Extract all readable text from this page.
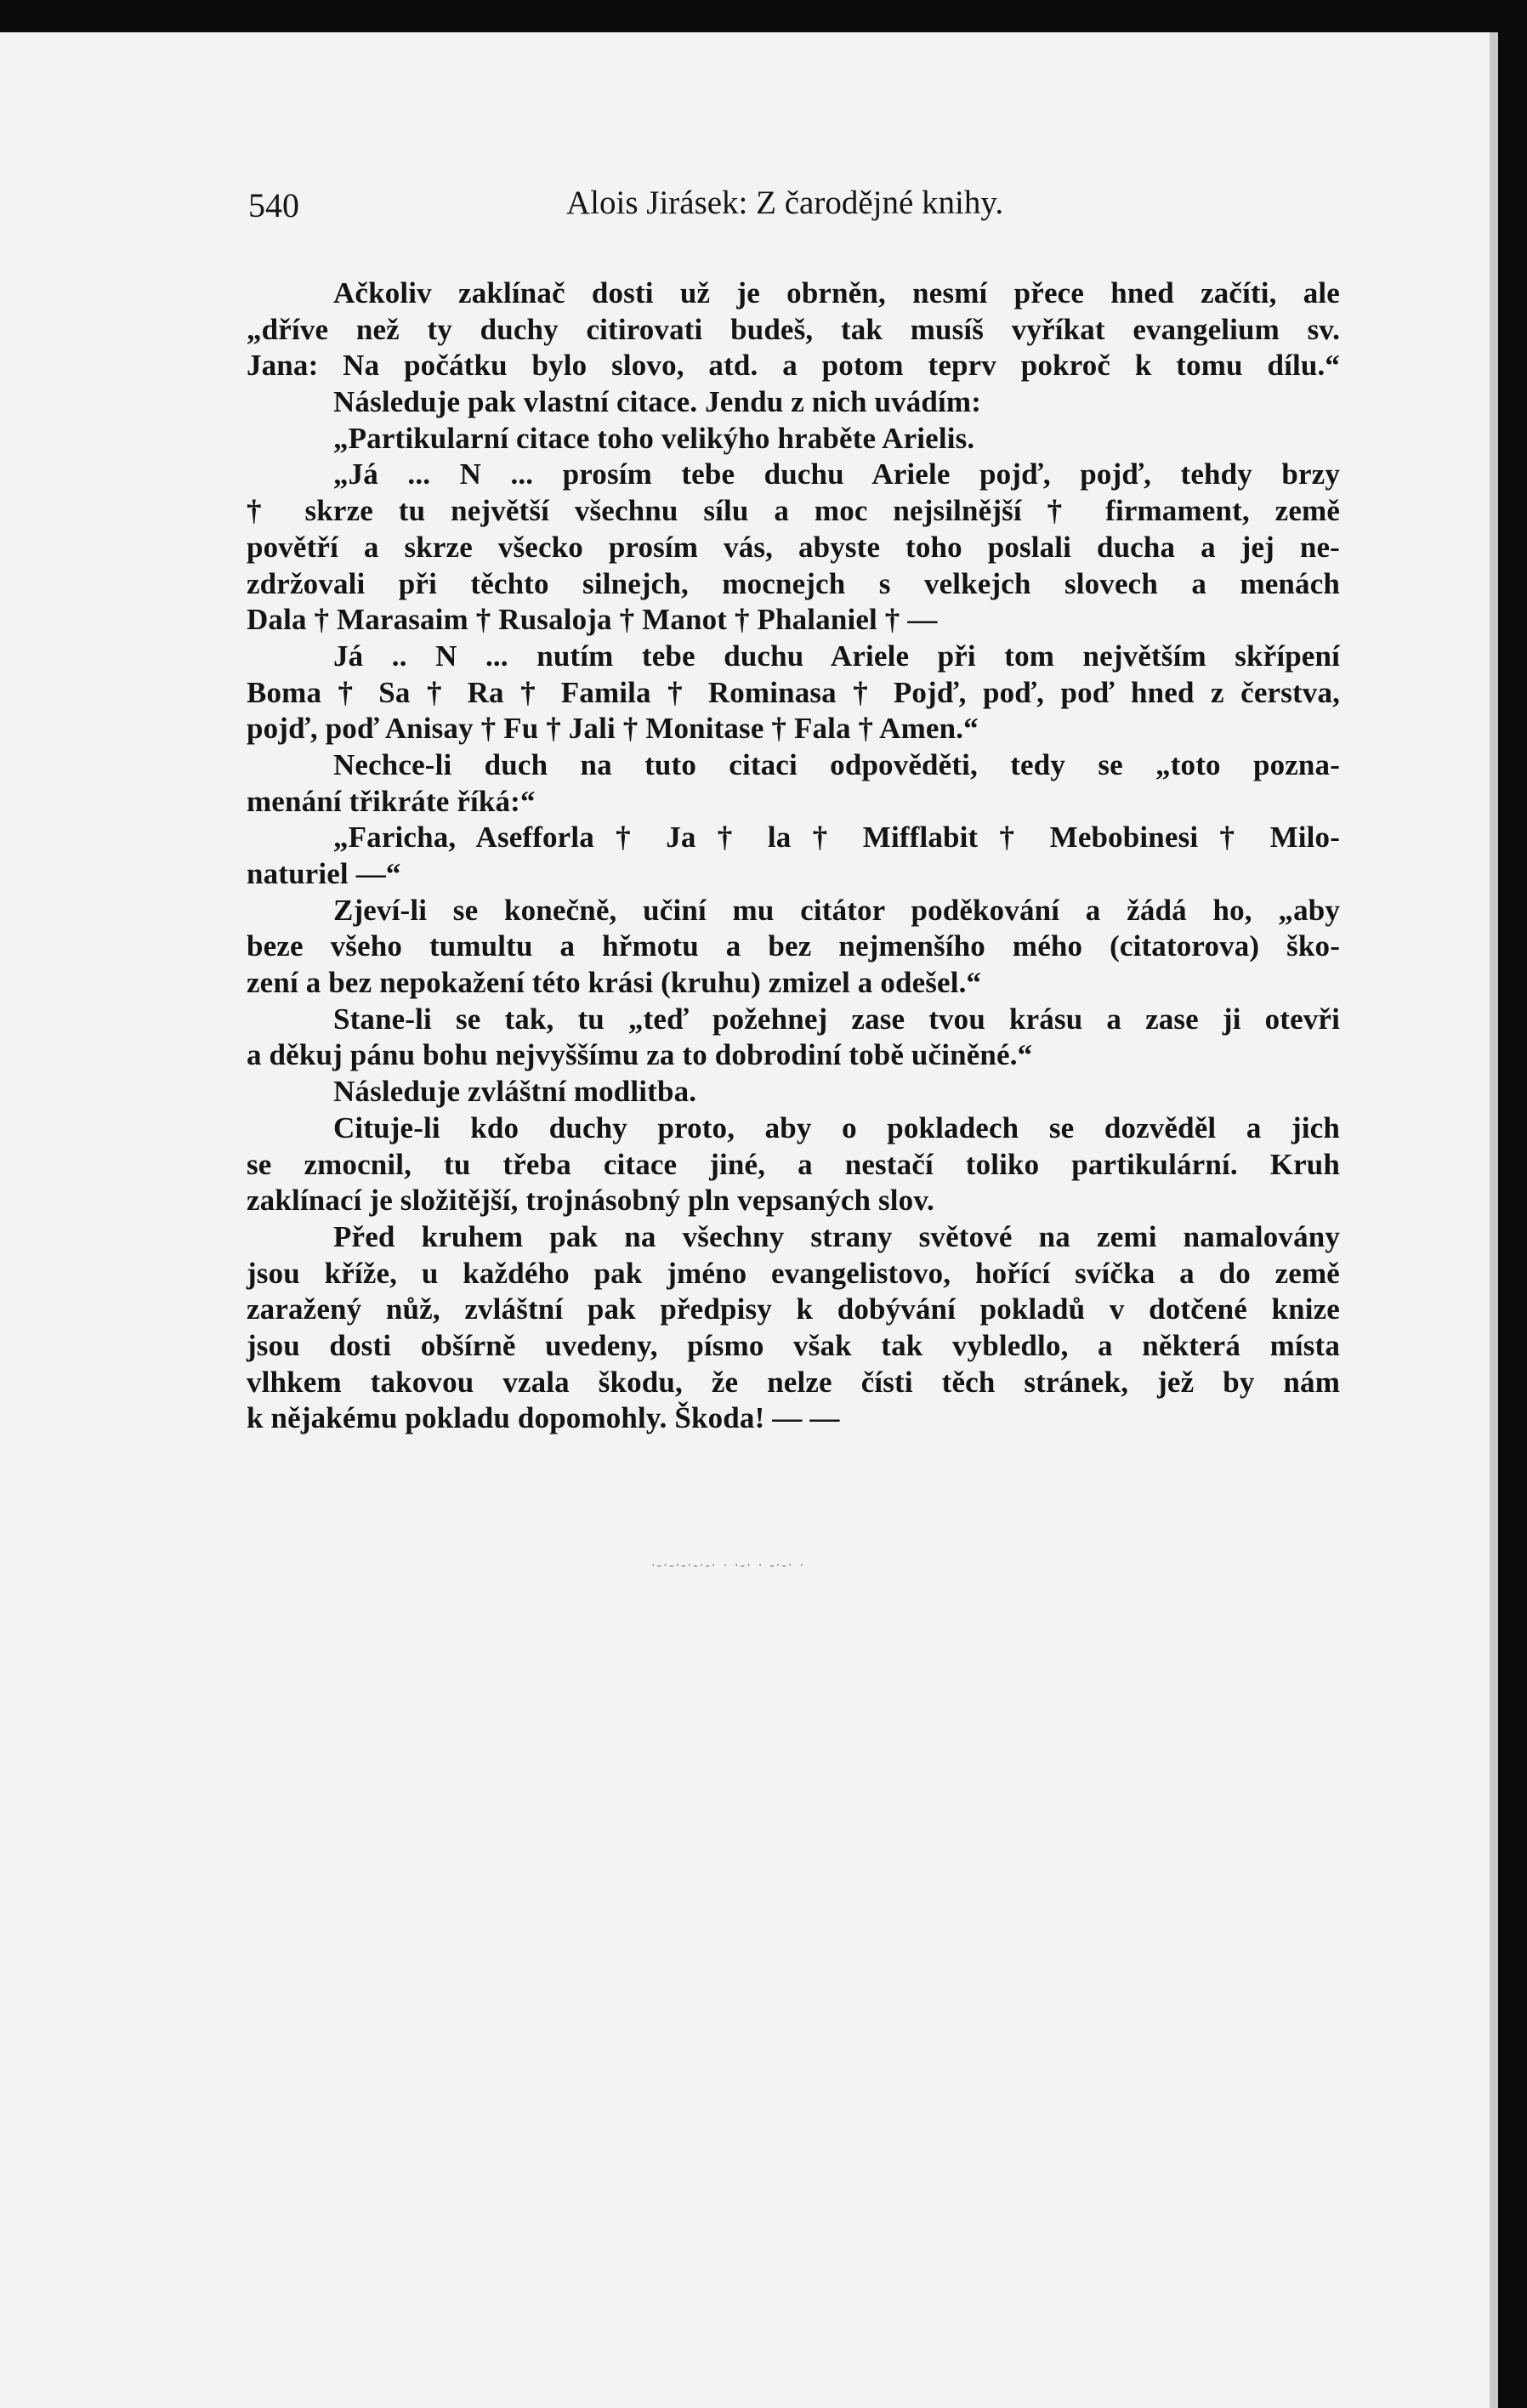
540	Alois Jirásek: Z čarodějné knihy.
Ačkoliv zaklínač dosti už je obrněn, nesmí přece hned začíti, ale
„dříve než ty duchy citirovati budeš, tak musíš vyříkat evangelium sv.
Jana: Na počátku bylo slovo, atd. a potom teprv pokroč k tomu dílu.“
Následuje pak vlastní citace. Jendu z nich uvádím:
„Partikularní citace toho velikýho hraběte Arielis.
„Já ... N ... prosím tebe duchu Ariele pojď, pojď, tehdy brzy
† skrze tu největší všechnu sílu a moc nejsilnější † firmament, země
povětří a skrze všecko prosím vás, abyste toho poslali ducha a jej ne-
zdržovali při těchto silnejch, mocnejch s velkejch slovech a menách
Dala † Marasaim † Rusaloja † Manot † Phalaniel † —
Já .. N ... nutím tebe duchu Ariele při tom největším skřípení
Boma † Sa † Ra † Famila † Rominasa † Pojď, poď, poď hned z čerstva,
pojď, poď Anisay † Fu † Jali † Monitase † Fala † Amen.“
Nechce-li duch na tuto citaci odpověděti, tedy se „toto pozna-
menání třikráte říká:“
„Faricha, Asefforla † Ja † la † Mifflabit † Mebobinesi † Milo-
naturiel —“
Zjeví-li se konečně, učiní mu citátor poděkování a žádá ho, „aby
beze všeho tumultu a hřmotu a bez nejmenšího mého (citatorova) ško-
zení a bez nepokažení této krási (kruhu) zmizel a odešel.“
Stane-li se tak, tu „teď požehnej zase tvou krásu a zase ji otevři
a děkuj pánu bohu nejvyššímu za to dobrodiní tobě učiněné.“
Následuje zvláštní modlitba.
Cituje-li kdo duchy proto, aby o pokladech se dozvěděl a jich
se zmocnil, tu třeba citace jiné, a nestačí toliko partikulární. Kruh
zaklínací je složitější, trojnásobný pln vepsaných slov.
Před kruhem pak na všechny strany světové na zemi namalovány
jsou kříže, u každého pak jméno evangelistovo, hořící svíčka a do země
zaražený nůž, zvláštní pak předpisy k dobývání pokladů v dotčené knize
jsou dosti obšírně uvedeny, písmo však tak vybledlo, a některá místa
vlhkem takovou vzala škodu, že nelze čísti těch stránek, jež by nám
k nějakému pokladu dopomohly. Škoda! — —
·-·-·-·-·-· · ·-· · -·-· ·
